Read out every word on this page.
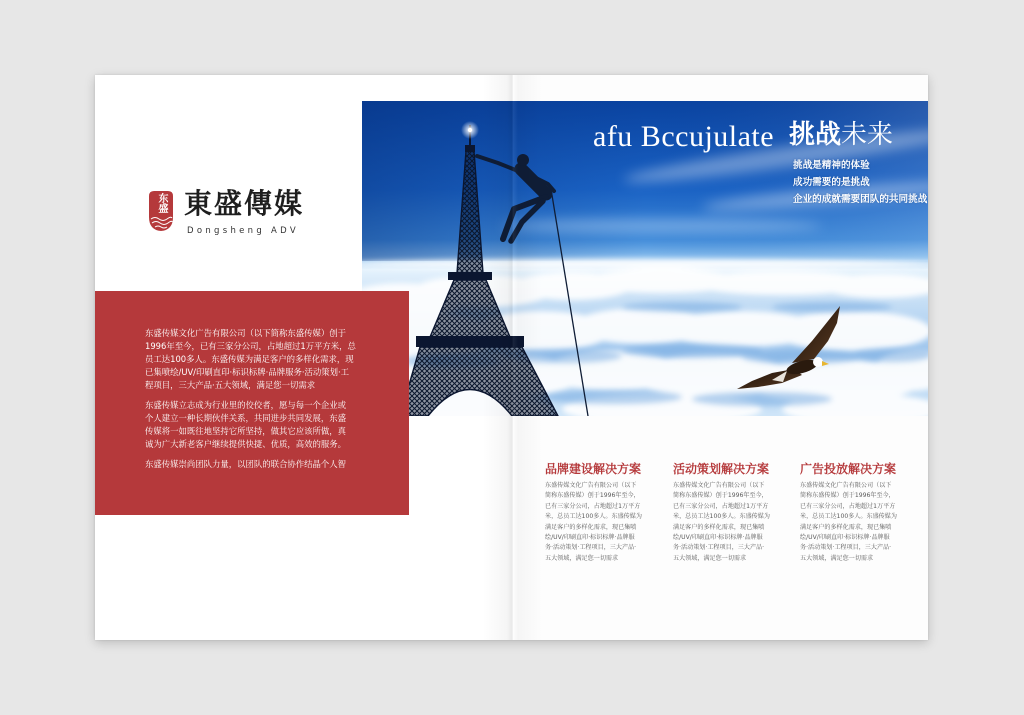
东盛 東盛傳媒
Dongsheng ADV
afu Bccujulate 挑战未来
挑战是精神的体验
成功需要的是挑战
企业的成就需要团队的共同挑战
东盛传媒文化广告有限公司（以下简称东盛传媒）创于
1996年至今，已有三家分公司，占地超过1万平方米，总
员工达100多人。东盛传媒为满足客户的多样化需求，现
已集喷绘/UV/印刷直印·标识标牌·品牌服务·活动策划·工
程项目，三大产品·五大领域，满足您一切需求
东盛传媒立志成为行业里的佼佼者，愿与每一个企业或
个人建立一种长期伙伴关系，共同进步共同发展，东盛
传媒将一如既往地坚持它所坚持，做其它应该所做，真
诚为广大新老客户继续提供快捷、优质，高效的服务。
东盛传媒崇尚团队力量，以团队的联合协作结晶个人智	品牌建设解决方案
东盛传媒文化广告有限公司（以下
简称东盛传媒）创于1996年至今，
已有三家分公司，占地超过1万平方
米，总员工达100多人。东盛传媒为
满足客户的多样化需求，现已集喷
绘/UV/印刷直印·标识标牌·品牌服
务·活动策划·工程项目，三大产品·
五大领域，满足您一切需求
活动策划解决方案
东盛传媒文化广告有限公司（以下
简称东盛传媒）创于1996年至今，
已有三家分公司，占地超过1万平方
米，总员工达100多人。东盛传媒为
满足客户的多样化需求，现已集喷
绘/UV/印刷直印·标识标牌·品牌服
务·活动策划·工程项目，三大产品·
五大领域，满足您一切需求
广告投放解决方案
东盛传媒文化广告有限公司（以下
简称东盛传媒）创于1996年至今，
已有三家分公司，占地超过1万平方
米，总员工达100多人。东盛传媒为
满足客户的多样化需求，现已集喷
绘/UV/印刷直印·标识标牌·品牌服
务·活动策划·工程项目，三大产品·
五大领域，满足您一切需求
